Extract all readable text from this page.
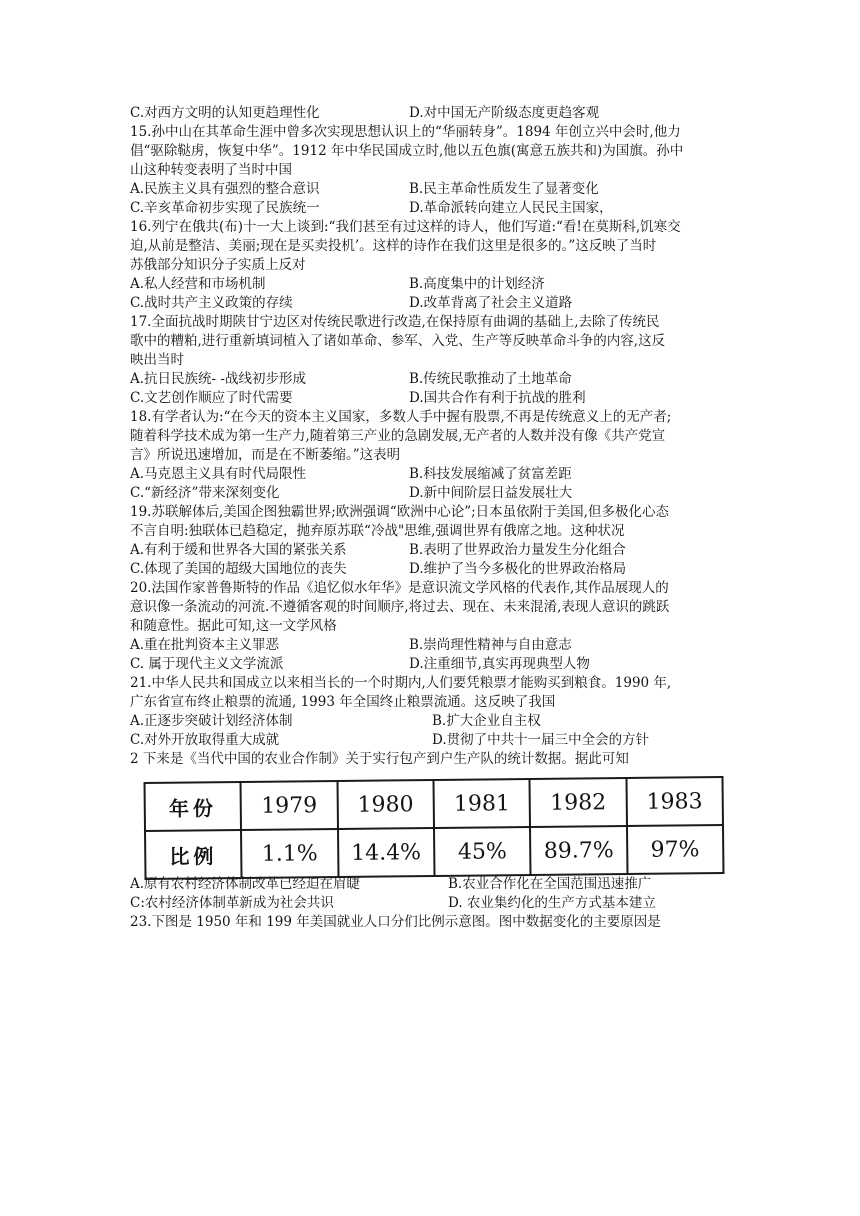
C.对西方文明的认知更趋理性化	D.对中国无产阶级态度更趋客观
15.孙中山在其革命生涯中曾多次实现思想认识上的“华丽转身”。1894 年创立兴中会时,他力
倡“驱除鞑虏，恢复中华”。1912 年中华民国成立时,他以五色旗(寓意五族共和)为国旗。孙中
山这种转变表明了当时中国
A.民族主义具有强烈的整合意识	B.民主革命性质发生了显著变化
C.辛亥革命初步实现了民族统一	D.革命派转向建立人民民主国家，
16.列宁在俄共(布)十一大上谈到:“我们甚至有过这样的诗人，他们写道:“看!在莫斯科,饥寒交
迫,从前是整洁、美丽;现在是买卖投机’。这样的诗作在我们这里是很多的。”这反映了当时
苏俄部分知识分子实质上反对
A.私人经营和市场机制	B.高度集中的计划经济
C.战时共产主义政策的存续	D.改革背离了社会主义道路
17.全面抗战时期陕甘宁边区对传统民歌进行改造,在保持原有曲调的基础上,去除了传统民
歌中的糟粕,进行重新填词植入了诸如革命、参军、入党、生产等反映革命斗争的内容,这反
映出当时
A.抗日民族统- -战线初步形成	B.传统民歌推动了土地革命
C.文艺创作顺应了时代需要	D.国共合作有利于抗战的胜利
18.有学者认为:“在今天的资本主义国家，多数人手中握有股票,不再是传统意义上的无产者;
随着科学技术成为第一生产力,随着第三产业的急剧发展,无产者的人数并没有像《共产党宣
言》所说迅速增加，而是在不断萎缩。”这表明
A.马克恩主义具有时代局限性	B.科技发展缩减了贫富差距
C.“新经济”带来深刻变化	D.新中间阶层日益发展壮大
19.苏联解体后,美国企图独霸世界;欧洲强调“欧洲中心论”;日本虽依附于美国,但多极化心态
不言自明:独联体已趋稳定，抛弃原苏联“冷战"思维,强调世界有俄席之地。这种状况
A.有利于缓和世界各大国的紧张关系	B.表明了世界政治力量发生分化组合
C.体现了美国的超级大国地位的丧失	D.维护了当今多极化的世界政治格局
20.法国作家普鲁斯特的作品《追忆似水年华》是意识流文学风格的代表作,其作品展现人的
意识像一条流动的河流.不遵循客观的时间顺序,将过去、现在、未来混淆,表现人意识的跳跃
和随意性。据此可知,这一文学风格
A.重在批判资本主义罪恶	B.崇尚理性精神与自由意志
C. 属于现代主义文学流派	D.注重细节,真实再现典型人物
21.中华人民共和国成立以来相当长的一个时期内,人们要凭粮票才能购买到粮食。1990 年,
广东省宣布终止粮票的流通, 1993 年全国终止粮票流通。这反映了我国
A.正逐步突破计划经济体制	B.扩大企业自主权
C.对外开放取得重大成就	D.贯彻了中共十一届三中全会的方针
2 下来是《当代中国的农业合作制》关于实行包产到户生产队的统计数据。据此可知
年份	1979	1980	1981	1982	1983
比例	1.1%	14.4%	45%	89.7%	97%
A.原有农村经济体制改革已经迫在眉睫	B.农业合作化在全国范围迅速推广
C:农村经济体制革新成为社会共识	D. 农业集约化的生产方式基本建立
23.下图是 1950 年和 199 年美国就业人口分们比例示意图。图中数据变化的主要原因是
